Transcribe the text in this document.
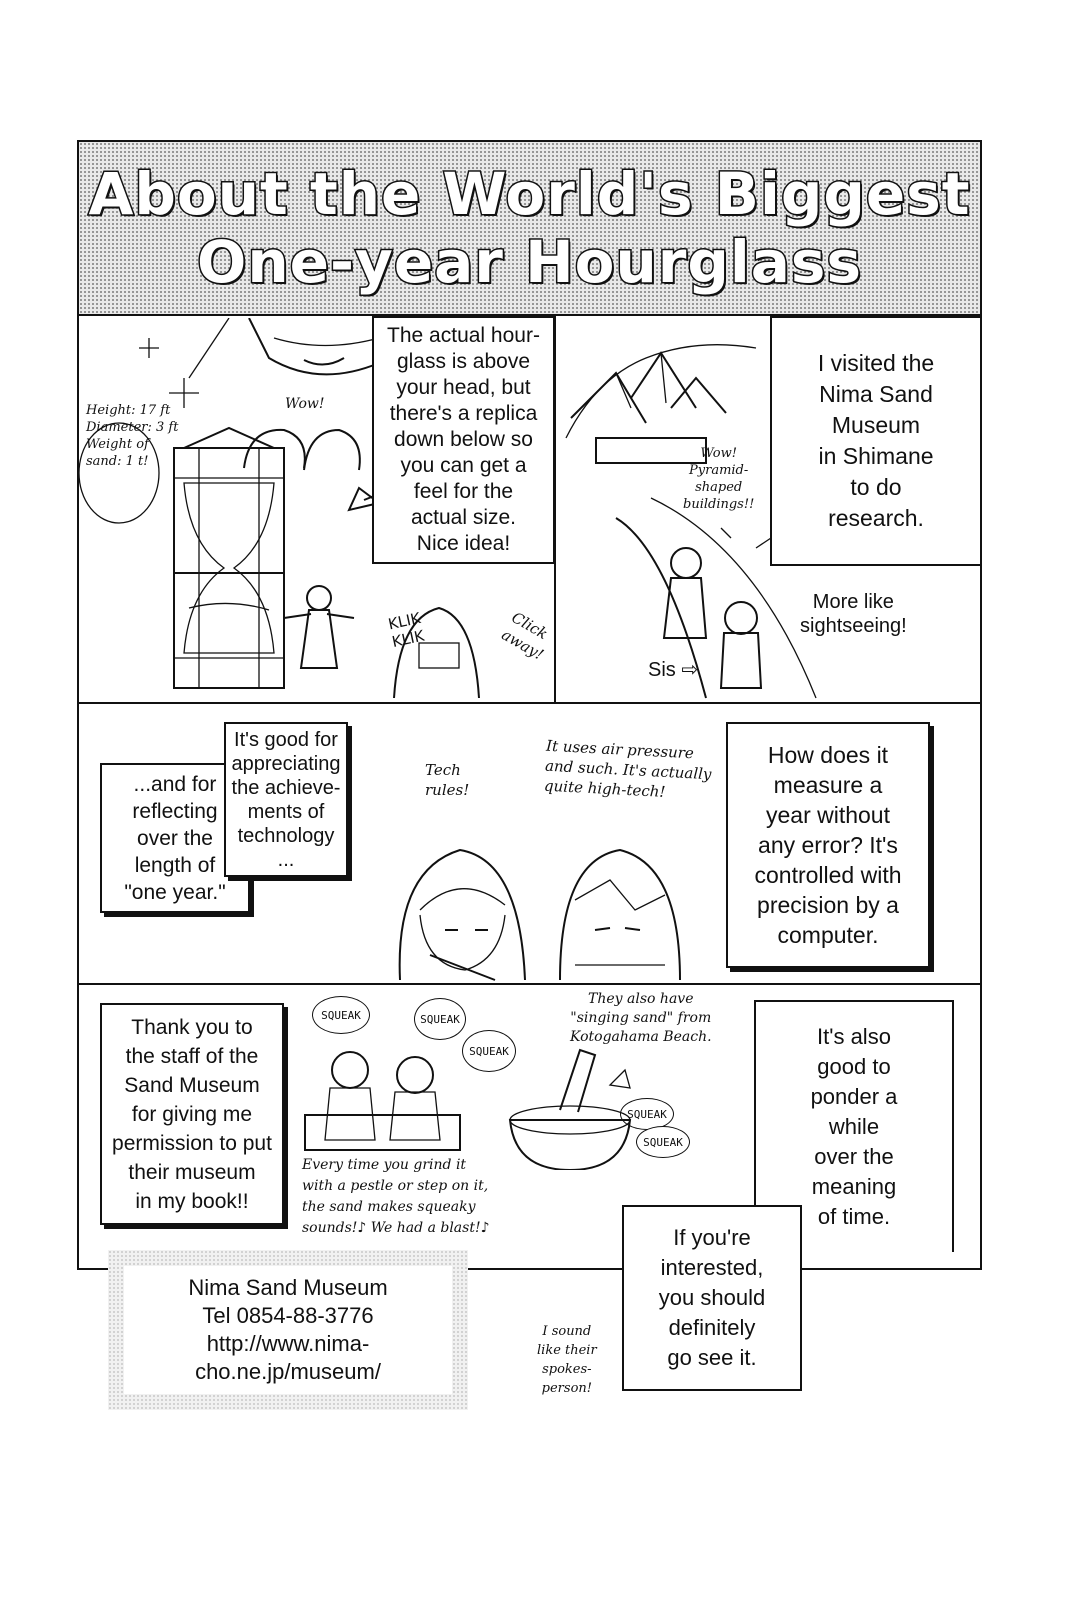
About the World's Biggest
One-year Hourglass
Height: 17 ft
Diameter: 3 ft
Weight of
sand: 1 t!
Wow!
The actual hour-
glass is above
your head, but
there's a replica
down below so
you can get a
feel for the
actual size.
Nice idea!
KLIK
KLIK	Click
away!
I visited the
Nima Sand
Museum
in Shimane
to do
research.
Wow!
Pyramid-
shaped
buildings!!
More like
sightseeing!
Sis ⇨
...and for
reflecting
over the
length of
"one year."
It's good for
appreciating
the achieve-
ments of
technology
...
Tech
rules!
It uses air pressure
and such. It's actually
quite high-tech!
How does it
measure a
year without
any error? It's
controlled with
precision by a
computer.
Thank you to
the staff of the
Sand Museum
for giving me
permission to put
their museum
in my book!!
SQUEAK	SQUEAK
SQUEAK
SQUEAK
SQUEAK
They also have
"singing sand" from
Kotogahama Beach.
Every time you grind it
with a pestle or step on it,
the sand makes squeaky
sounds!♪ We had a blast!♪
It's also
good to
ponder a
while
over the
meaning
of time.
If you're
interested,
you should
definitely
go see it.
I sound
like their
spokes-
person!
Nima Sand Museum
Tel 0854-88-3776
http://www.nima-
cho.ne.jp/museum/
